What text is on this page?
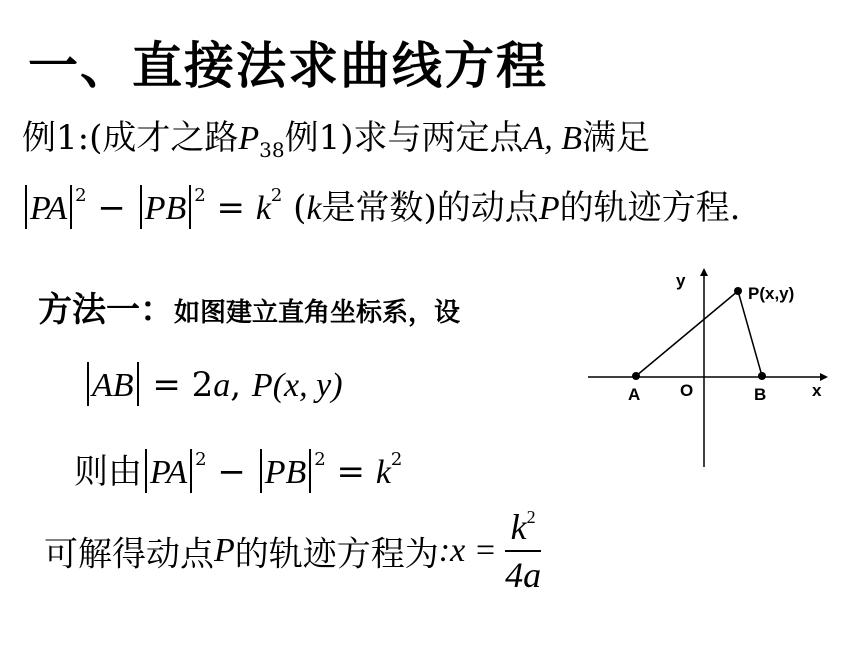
一、直接法求曲线方程
例1:(成才之路$P_{38}$例1)求与两定点A, B满足
PA $^2$ − PB $^2 = k^2$ (k是常数)的动点P的轨迹方程.
方法一：如图建立直角坐标系，设
AB = 2a, P(x, y)
则由 PA $^2$ − PB $^2 = k^2$
可解得动点P的轨迹方程为:x = $\frac{k^2}{4a}$
y
x
O
A	B
P(x,y)
